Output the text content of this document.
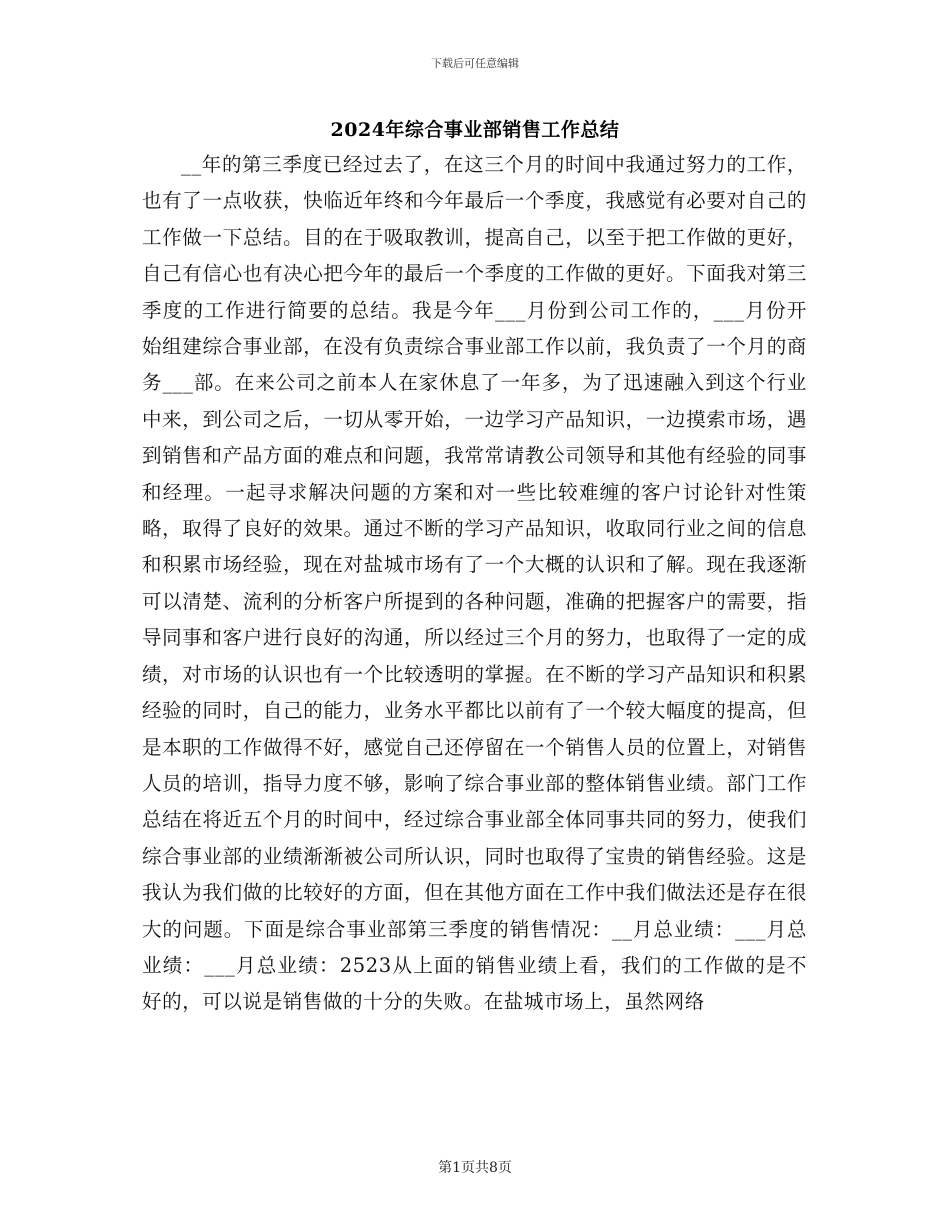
下载后可任意编辑
2024年综合事业部销售工作总结

__年的第三季度已经过去了，在这三个月的时间中我通过努力的工作，也有了一点收获，快临近年终和今年最后一个季度，我感觉有必要对自己的工作做一下总结。目的在于吸取教训，提高自己，以至于把工作做的更好，自己有信心也有决心把今年的最后一个季度的工作做的更好。下面我对第三季度的工作进行简要的总结。我是今年___月份到公司工作的，___月份开始组建综合事业部，在没有负责综合事业部工作以前，我负责了一个月的商务___部。在来公司之前本人在家休息了一年多，为了迅速融入到这个行业中来，到公司之后，一切从零开始，一边学习产品知识，一边摸索市场，遇到销售和产品方面的难点和问题，我常常请教公司领导和其他有经验的同事和经理。一起寻求解决问题的方案和对一些比较难缠的客户讨论针对性策略，取得了良好的效果。通过不断的学习产品知识，收取同行业之间的信息和积累市场经验，现在对盐城市场有了一个大概的认识和了解。现在我逐渐可以清楚、流利的分析客户所提到的各种问题，准确的把握客户的需要，指导同事和客户进行良好的沟通，所以经过三个月的努力，也取得了一定的成绩，对市场的认识也有一个比较透明的掌握。在不断的学习产品知识和积累经验的同时，自己的能力，业务水平都比以前有了一个较大幅度的提高，但是本职的工作做得不好，感觉自己还停留在一个销售人员的位置上，对销售人员的培训，指导力度不够，影响了综合事业部的整体销售业绩。部门工作总结在将近五个月的时间中，经过综合事业部全体同事共同的努力，使我们综合事业部的业绩渐渐被公司所认识，同时也取得了宝贵的销售经验。这是我认为我们做的比较好的方面，但在其他方面在工作中我们做法还是存在很大的问题。下面是综合事业部第三季度的销售情况：__月总业绩：___月总业绩：___月总业绩：2523从上面的销售业绩上看，我们的工作做的是不好的，可以说是销售做的十分的失败。在盐城市场上，虽然网络

第1页共8页
